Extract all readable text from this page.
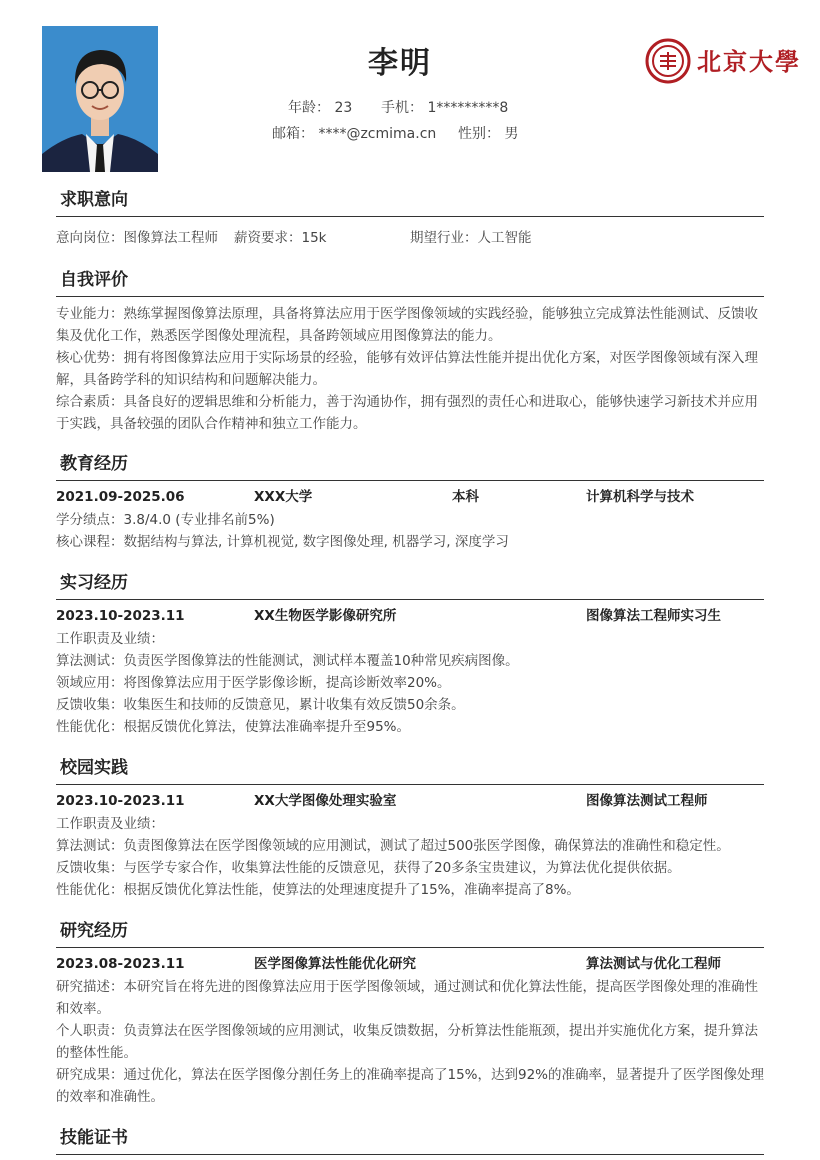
李明
年龄： 23 手机： 1*********8
邮箱： ****@zcmima.cn 性别： 男
北京大學
求职意向
意向岗位：图像算法工程师 薪资要求：15k	期望行业：人工智能
自我评价
专业能力：熟练掌握图像算法原理，具备将算法应用于医学图像领域的实践经验，能够独立完成算法性能测试、反馈收集及优化工作，熟悉医学图像处理流程，具备跨领域应用图像算法的能力。
核心优势：拥有将图像算法应用于实际场景的经验，能够有效评估算法性能并提出优化方案，对医学图像领域有深入理解，具备跨学科的知识结构和问题解决能力。
综合素质：具备良好的逻辑思维和分析能力，善于沟通协作，拥有强烈的责任心和进取心，能够快速学习新技术并应用于实践，具备较强的团队合作精神和独立工作能力。
教育经历
2021.09-2025.06	XXX大学	本科	计算机科学与技术
学分绩点：3.8/4.0 (专业排名前5%)
核心课程：数据结构与算法, 计算机视觉, 数字图像处理, 机器学习, 深度学习
实习经历
2023.10-2023.11	XX生物医学影像研究所	图像算法工程师实习生
工作职责及业绩：
算法测试：负责医学图像算法的性能测试，测试样本覆盖10种常见疾病图像。
领域应用：将图像算法应用于医学影像诊断，提高诊断效率20%。
反馈收集：收集医生和技师的反馈意见，累计收集有效反馈50余条。
性能优化：根据反馈优化算法，使算法准确率提升至95%。
校园实践
2023.10-2023.11	XX大学图像处理实验室	图像算法测试工程师
工作职责及业绩：
算法测试：负责图像算法在医学图像领域的应用测试，测试了超过500张医学图像，确保算法的准确性和稳定性。
反馈收集：与医学专家合作，收集算法性能的反馈意见，获得了20多条宝贵建议，为算法优化提供依据。
性能优化：根据反馈优化算法性能，使算法的处理速度提升了15%，准确率提高了8%。
研究经历
2023.08-2023.11	医学图像算法性能优化研究	算法测试与优化工程师
研究描述：本研究旨在将先进的图像算法应用于医学图像领域，通过测试和优化算法性能，提高医学图像处理的准确性和效率。
个人职责：负责算法在医学图像领域的应用测试，收集反馈数据，分析算法性能瓶颈，提出并实施优化方案，提升算法的整体性能。
研究成果：通过优化，算法在医学图像分割任务上的准确率提高了15%，达到92%的准确率，显著提升了医学图像处理的效率和准确性。
技能证书
